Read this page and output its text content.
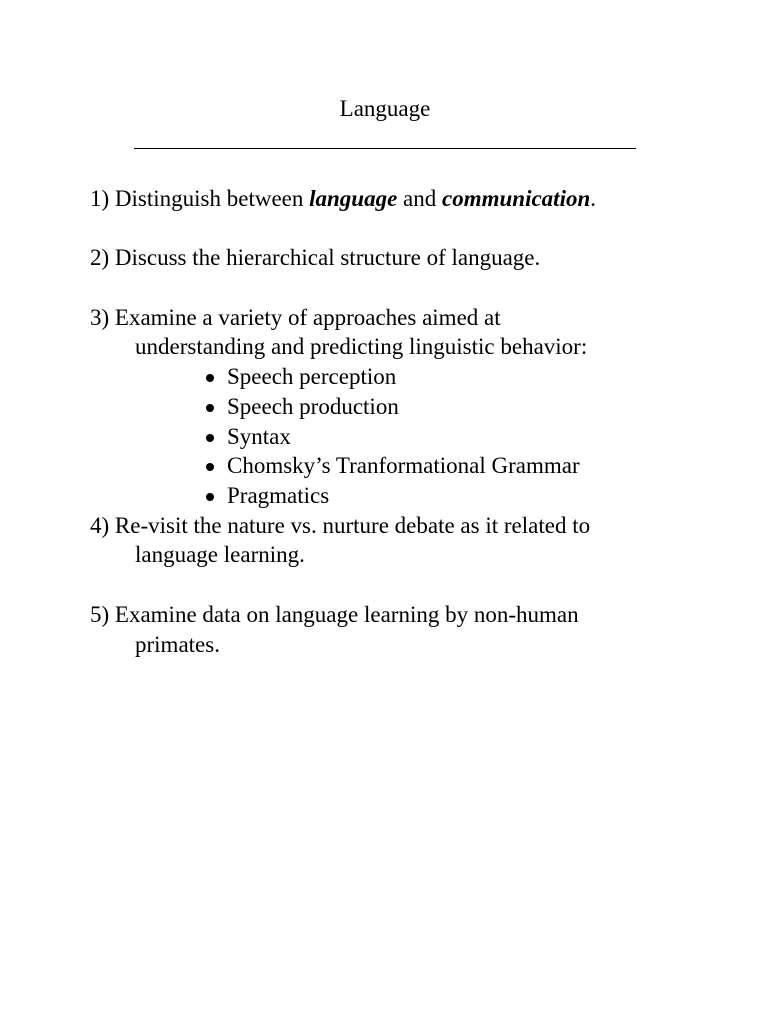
Language

1) Distinguish between language and communication.

2) Discuss the hierarchical structure of language.

3) Examine a variety of approaches aimed at
understanding and predicting linguistic behavior:
Speech perception
Speech production
Syntax
Chomsky’s Tranformational Grammar
Pragmatics
4) Re-visit the nature vs. nurture debate as it related to
language learning.
5) Examine data on language learning by non-human
primates.
